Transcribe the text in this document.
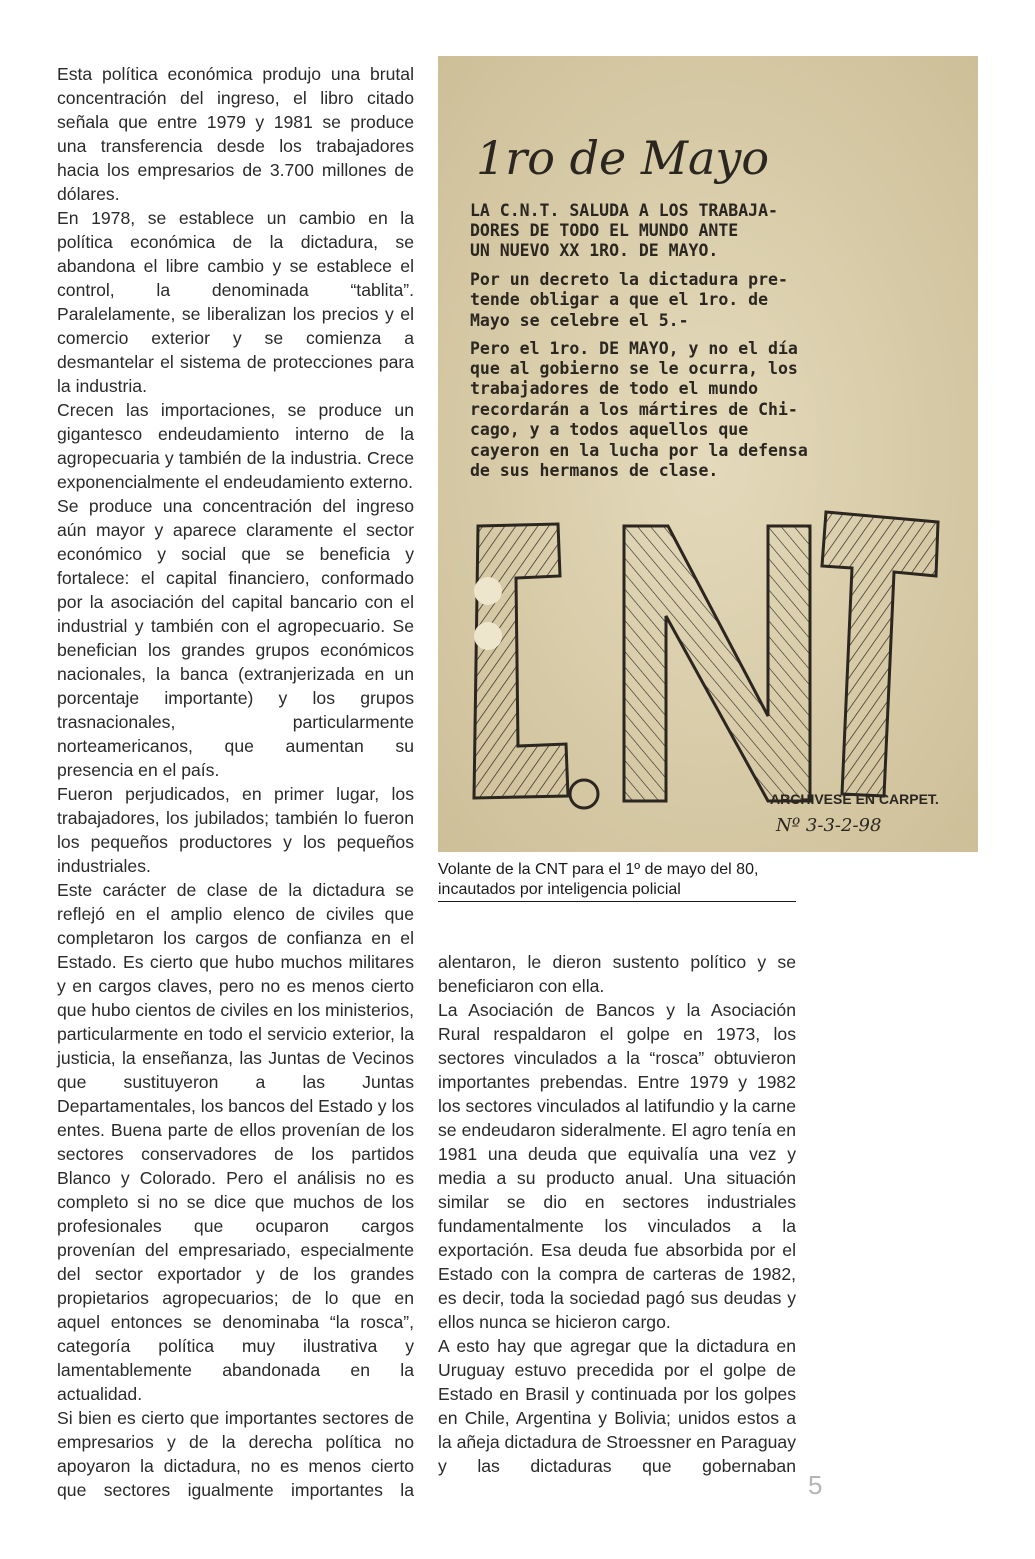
Esta política económica produjo una brutal concentración del ingreso, el libro citado señala que entre 1979 y 1981 se produce una transferencia desde los trabajadores hacia los empresarios de 3.700 millones de dólares.

En 1978, se establece un cambio en la política económica de la dictadura, se abandona el libre cambio y se establece el control, la denominada “tablita”. Paralelamente, se liberalizan los precios y el comercio exterior y se comienza a desmantelar el sistema de protecciones para la industria.

Crecen las importaciones, se produce un gigantesco endeudamiento interno de la agropecuaria y también de la industria. Crece exponencialmente el endeudamiento externo.

Se produce una concentración del ingreso aún mayor y aparece claramente el sector económico y social que se beneficia y fortalece: el capital financiero, conformado por la asociación del capital bancario con el industrial y también con el agropecuario. Se benefician los grandes grupos económicos nacionales, la banca (extranjerizada en un porcentaje importante) y los grupos trasnacionales, particularmente norteamericanos, que aumentan su presencia en el país.

Fueron perjudicados, en primer lugar, los trabajadores, los jubilados; también lo fueron los pequeños productores y los pequeños industriales.

Este carácter de clase de la dictadura se reflejó en el amplio elenco de civiles que completaron los cargos de confianza en el Estado. Es cierto que hubo muchos militares y en cargos claves, pero no es menos cierto que hubo cientos de civiles en los ministerios, particularmente en todo el servicio exterior, la justicia, la enseñanza, las Juntas de Vecinos que sustituyeron a las Juntas Departamentales, los bancos del Estado y los entes. Buena parte de ellos provenían de los sectores conservadores de los partidos Blanco y Colorado. Pero el análisis no es completo si no se dice que muchos de los profesionales que ocuparon cargos provenían del empresariado, especialmente del sector exportador y de los grandes propietarios agropecuarios; de lo que en aquel entonces se denominaba “la rosca”, categoría política muy ilustrativa y lamentablemente abandonada en la actualidad.

Si bien es cierto que importantes sectores de empresarios y de la derecha política no apoyaron la dictadura, no es menos cierto que sectores igualmente importantes la

1ro de Mayo
LA C.N.T. SALUDA A LOS TRABAJA-
DORES DE TODO EL MUNDO ANTE
UN NUEVO XX 1RO. DE MAYO.
Por un decreto la dictadura pre-
tende obligar a que el 1ro. de
Mayo se celebre el 5.-
Pero el 1ro. DE MAYO, y no el día
que al gobierno se le ocurra, los
trabajadores de todo el mundo
recordarán a los mártires de Chi-
cago, y a todos aquellos que
cayeron en la lucha por la defensa
de sus hermanos de clase.
ARCHIVESE EN CARPET.
Nº 3-3-2-98
Volante de la CNT para el 1º de mayo del 80,
incautados por inteligencia policial

alentaron, le dieron sustento político y se beneficiaron con ella.

La Asociación de Bancos y la Asociación Rural respaldaron el golpe en 1973, los sectores vinculados a la “rosca” obtuvieron importantes prebendas. Entre 1979 y 1982 los sectores vinculados al latifundio y la carne se endeudaron sideralmente. El agro tenía en 1981 una deuda que equivalía una vez y media a su producto anual. Una situación similar se dio en sectores industriales fundamentalmente los vinculados a la exportación. Esa deuda fue absorbida por el Estado con la compra de carteras de 1982, es decir, toda la sociedad pagó sus deudas y ellos nunca se hicieron cargo.

A esto hay que agregar que la dictadura en Uruguay estuvo precedida por el golpe de Estado en Brasil y continuada por los golpes en Chile, Argentina y Bolivia; unidos estos a la añeja dictadura de Stroessner en Paraguay y las dictaduras que gobernaban

5
